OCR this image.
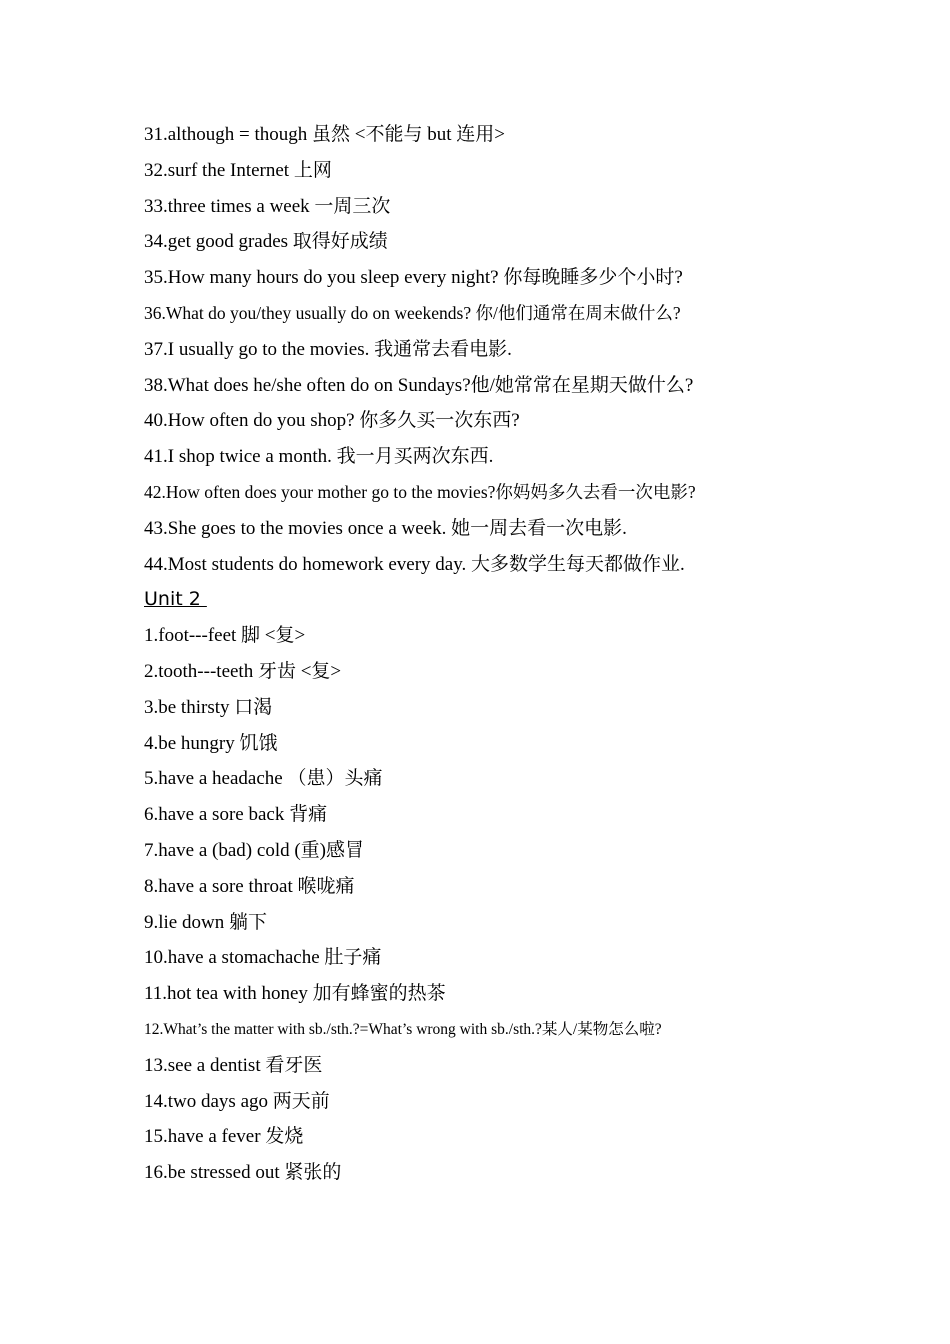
31.although = though 虽然 <不能与 but 连用>
32.surf the Internet 上网
33.three times a week 一周三次
34.get good grades 取得好成绩
35.How many hours do you sleep every night? 你每晚睡多少个小时?
36.What do you/they usually do on weekends? 你/他们通常在周末做什么?
37.I usually go to the movies. 我通常去看电影.
38.What does he/she often do on Sundays?他/她常常在星期天做什么?
40.How often do you shop? 你多久买一次东西?
41.I shop twice a month. 我一月买两次东西.
42.How often does your mother go to the movies?你妈妈多久去看一次电影?
43.She goes to the movies once a week. 她一周去看一次电影.
44.Most students do homework every day. 大多数学生每天都做作业.
Unit 2
1.foot---feet 脚 <复>
2.tooth---teeth 牙齿 <复>
3.be thirsty 口渴
4.be hungry 饥饿
5.have a headache （患）头痛
6.have a sore back 背痛
7.have a (bad) cold (重)感冒
8.have a sore throat 喉咙痛
9.lie down 躺下
10.have a stomachache 肚子痛
11.hot tea with honey 加有蜂蜜的热茶
12.What’s the matter with sb./sth.?=What’s wrong with sb./sth.?某人/某物怎么啦?
13.see a dentist 看牙医
14.two days ago 两天前
15.have a fever 发烧
16.be stressed out 紧张的
